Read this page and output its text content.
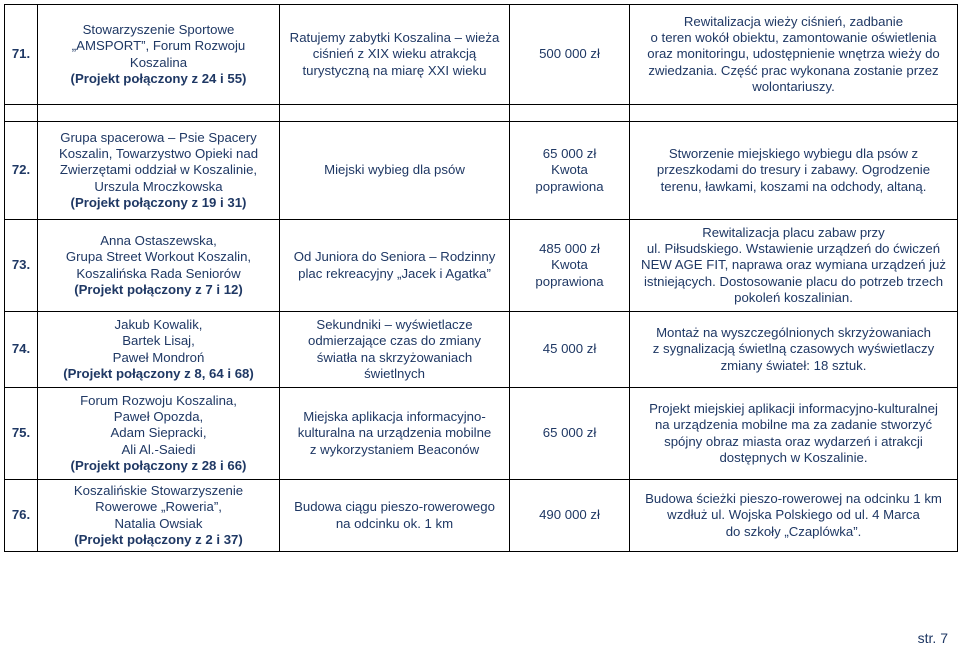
71.	Stowarzyszenie Sportowe
„AMSPORT”, Forum Rozwoju
Koszalina
(Projekt połączony z 24 i 55)	Ratujemy zabytki Koszalina – wieża
ciśnień z XIX wieku atrakcją
turystyczną na miarę XXI wieku	500 000 zł	Rewitalizacja wieży ciśnień, zadbanie
o teren wokół obiektu, zamontowanie oświetlenia
oraz monitoringu, udostępnienie wnętrza wieży do
zwiedzania. Część prac wykonana zostanie przez
wolontariuszy.

72.	Grupa spacerowa – Psie Spacery
Koszalin, Towarzystwo Opieki nad
Zwierzętami oddział w Koszalinie,
Urszula Mroczkowska
(Projekt połączony z 19 i 31)	Miejski wybieg dla psów	65 000 zł
Kwota
poprawiona	Stworzenie miejskiego wybiegu dla psów z
przeszkodami do tresury i zabawy. Ogrodzenie
terenu, ławkami, koszami na odchody, altaną.

73.	Anna Ostaszewska,
Grupa Street Workout Koszalin,
Koszalińska Rada Seniorów
(Projekt połączony z 7 i 12)	Od Juniora do Seniora – Rodzinny
plac rekreacyjny „Jacek i Agatka”	485 000 zł
Kwota
poprawiona	Rewitalizacja placu zabaw przy
ul. Piłsudskiego. Wstawienie urządzeń do ćwiczeń
NEW AGE FIT, naprawa oraz wymiana urządzeń już
istniejących. Dostosowanie placu do potrzeb trzech
pokoleń koszalinian.

74.	Jakub Kowalik,
Bartek Lisaj,
Paweł Mondroń
(Projekt połączony z 8, 64 i 68)	Sekundniki – wyświetlacze
odmierzające czas do zmiany
światła na skrzyżowaniach
świetlnych	45 000 zł	Montaż na wyszczególnionych skrzyżowaniach
z sygnalizacją świetlną czasowych wyświetlaczy
zmiany świateł: 18 sztuk.

75.	Forum Rozwoju Koszalina,
Paweł Opozda,
Adam Siepracki,
Ali Al.-Saiedi
(Projekt połączony z 28 i 66)	Miejska aplikacja informacyjno-
kulturalna na urządzenia mobilne
z wykorzystaniem Beaconów	65 000 zł	Projekt miejskiej aplikacji informacyjno-kulturalnej
na urządzenia mobilne ma za zadanie stworzyć
spójny obraz miasta oraz wydarzeń i atrakcji
dostępnych w Koszalinie.

76.	Koszalińskie Stowarzyszenie
Rowerowe „Roweria”,
Natalia Owsiak
(Projekt połączony z 2 i 37)	Budowa ciągu pieszo-rowerowego
na odcinku ok. 1 km	490 000 zł	Budowa ścieżki pieszo-rowerowej na odcinku 1 km
wzdłuż ul. Wojska Polskiego od ul. 4 Marca
do szkoły „Czaplówka”.
str. 7
